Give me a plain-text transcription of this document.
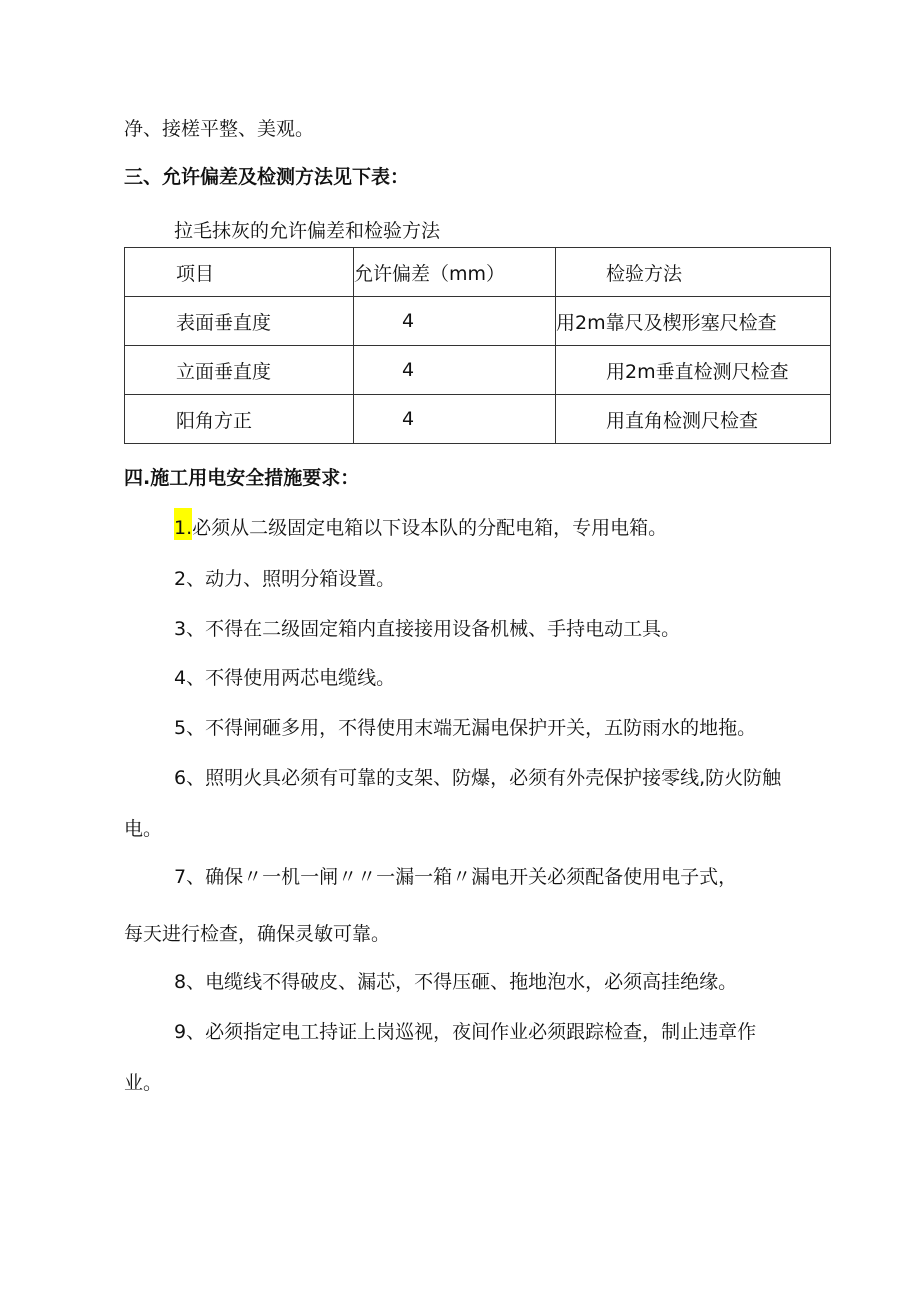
净、接槎平整、美观。
三、允许偏差及检测方法见下表：
拉毛抹灰的允许偏差和检验方法
项目	允许偏差（mm）	检验方法
表面垂直度	4	用2m靠尺及楔形塞尺检查
立面垂直度	4	用2m垂直检测尺检查
阳角方正	4	用直角检测尺检查
四.施工用电安全措施要求：
1.必须从二级固定电箱以下设本队的分配电箱，专用电箱。
2、动力、照明分箱设置。
3、不得在二级固定箱内直接接用设备机械、手持电动工具。
4、不得使用两芯电缆线。
5、不得闸砸多用，不得使用末端无漏电保护开关，五防雨水的地拖。
6、照明火具必须有可靠的支架、防爆，必须有外壳保护接零线,防火防触
电。
7、确保〃一机一闸〃〃一漏一箱〃漏电开关必须配备使用电子式，
每天进行检查，确保灵敏可靠。
8、电缆线不得破皮、漏芯，不得压砸、拖地泡水，必须高挂绝缘。
9、必须指定电工持证上岗巡视，夜间作业必须跟踪检查，制止违章作
业。
